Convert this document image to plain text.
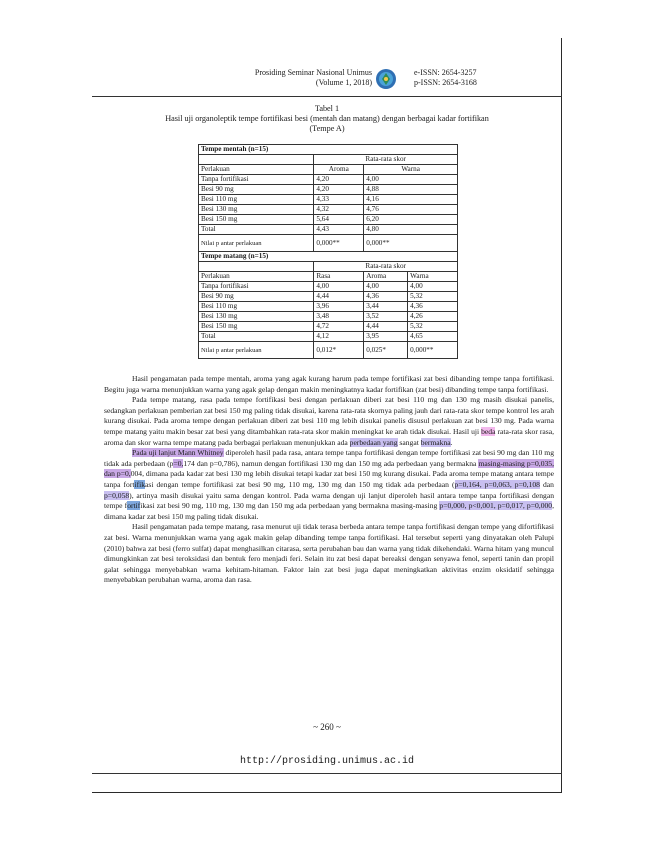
Prosiding Seminar Nasional Unimus
(Volume 1, 2018)
e-ISSN: 2654-3257
p-ISSN: 2654-3168
Tabel 1
Hasil uji organoleptik tempe fortifikasi besi (mentah dan matang) dengan berbagai kadar fortifikan
(Tempe A)
Tempe mentah (n=15)			
	Rata-rata skor		
Perlakuan	Aroma	Warna	
Tanpa fortifikasi	4,20	4,00	
Besi 90 mg	4,20	4,88	
Besi 110 mg	4,33	4,16	
Besi 130 mg	4,32	4,76	
Besi 150 mg	5,64	6,20	
Total	4,43	4,80	
Nilai p antar perlakuan	0,000**	0,000**	
Tempe matang (n=15)			
	Rata-rata skor		
Perlakuan	Rasa	Aroma	Warna
Tanpa fortifikasi	4,00	4,00	4,00
Besi 90 mg	4,44	4,36	5,32
Besi 110 mg	3,96	3,44	4,36
Besi 130 mg	3,48	3,52	4,26
Besi 150 mg	4,72	4,44	5,32
Total	4,12	3,95	4,65
Nilai p antar perlakuan	0,012*	0,025*	0,000**

Hasil pengamatan pada tempe mentah, aroma yang agak kurang harum pada tempe fortifikasi zat besi dibanding tempe tanpa fortifikasi. Begitu juga warna menunjukkan warna yang agak gelap dengan makin meningkatnya kadar fortifikan (zat besi) dibanding tempe tanpa fortifikasi.

Pada tempe matang, rasa pada tempe fortifikasi besi dengan perlakuan diberi zat besi 110 mg dan 130 mg masih disukai panelis, sedangkan perlakuan pemberian zat besi 150 mg paling tidak disukai, karena rata-rata skornya paling jauh dari rata-rata skor tempe kontrol les arah kurang disukai. Pada aroma tempe dengan perlakuan diberi zat besi 110 mg lebih disukai panelis disusul perlakuan zat besi 130 mg. Pada warna tempe matang yaitu makin besar zat besi yang ditambahkan rata-rata skor makin meningkat ke arah tidak disukai. Hasil uji beda rata-rata skor rasa, aroma dan skor warna tempe matang pada berbagai perlakuan menunjukkan ada perbedaan yang sangat bermakna.

Pada uji lanjut Mann Whitney diperoleh hasil pada rasa, antara tempe tanpa fortifikasi dengan tempe fortifikasi zat besi 90 mg dan 110 mg tidak ada perbedaan (p=0,174 dan p=0,786), namun dengan fortifikasi 130 mg dan 150 mg ada perbedaan yang bermakna masing-masing p=0,035, dan p=0,004, dimana pada kadar zat besi 130 mg lebih disukai tetapi kadar zat besi 150 mg kurang disukai. Pada aroma tempe matang antara tempe tanpa fortifikasi dengan tempe fortifikasi zat besi 90 mg, 110 mg, 130 mg dan 150 mg tidak ada perbedaan (p=0,164, p=0,063, p=0,108 dan p=0,058), artinya masih disukai yaitu sama dengan kontrol. Pada warna dengan uji lanjut diperoleh hasil antara tempe tanpa fortifikasi dengan tempe fortifikasi zat besi 90 mg, 110 mg, 130 mg dan 150 mg ada perbedaan yang bermakna masing-masing p=0,000, p<0,001, p=0,017, p=0,000, dimana kadar zat besi 150 mg paling tidak disukai.

Hasil pengamatan pada tempe matang, rasa menurut uji tidak terasa berbeda antara tempe tanpa fortifikasi dengan tempe yang difortifikasi zat besi. Warna menunjukkan warna yang agak makin gelap dibanding tempe tanpa fortifikasi. Hal tersebut seperti yang dinyatakan oleh Palupi (2010) bahwa zat besi (ferro sulfat) dapat menghasilkan citarasa, serta perubahan bau dan warna yang tidak dikehendaki. Warna hitam yang muncul dimungkinkan zat besi teroksidasi dan bentuk fero menjadi feri. Selain itu zat besi dapat bereaksi dengan senyawa fenol, seperti tanin dan propil galat sehingga menyebabkan warna kehitam-hitaman. Faktor lain zat besi juga dapat meningkatkan aktivitas enzim oksidatif sehingga menyebabkan perubahan warna, aroma dan rasa.

~ 260 ~
http://prosiding.unimus.ac.id
